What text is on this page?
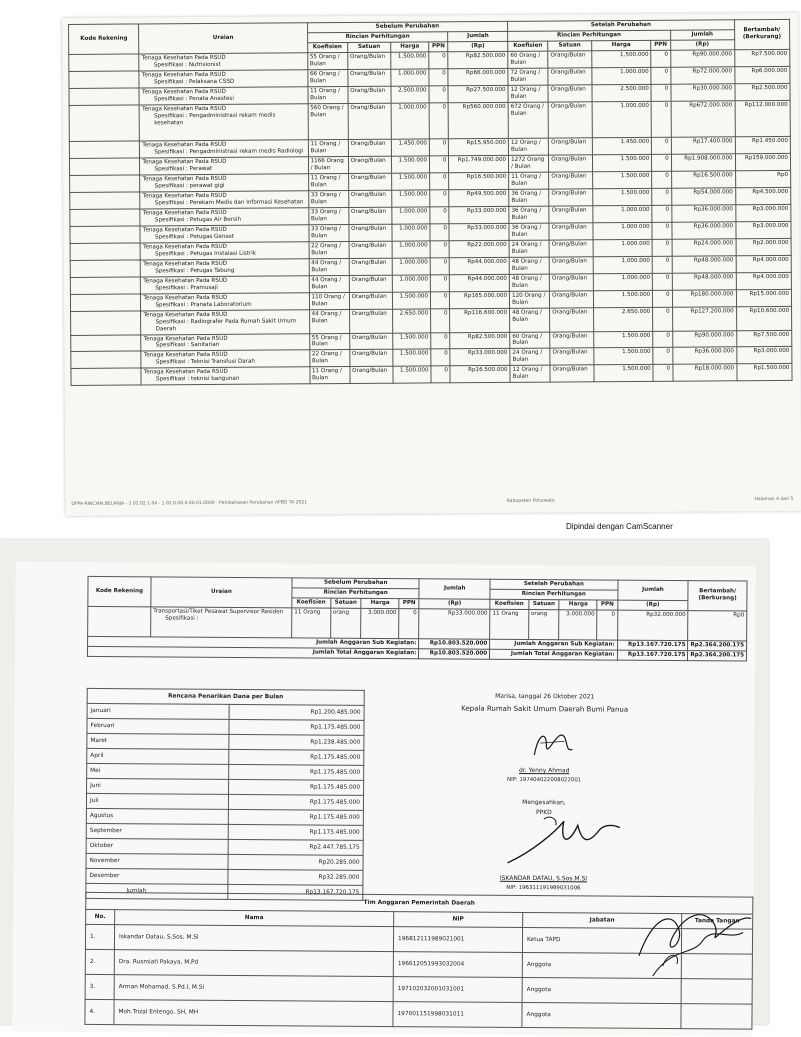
Kode Rekening	Uraian	Sebelum Perubahan					Setelah Perubahan					Bertambah/ (Berkurang)
		Rincian Perhitungan				Jumlah	Rincian Perhitungan				Jumlah	
		Koefisien	Satuan	Harga	PPN	(Rp)	Koefisien	Satuan	Harga	PPN	(Rp)	
	Tenaga Kesehatan Pada RSUD
Spesifikasi : Nutrisionist	55 Orang / Bulan	Orang/Bulan	1.500.000	0	Rp82.500.000	60 Orang / Bulan	Orang/Bulan	1.500.000	0	Rp90.000.000	Rp7.500.000
	Tenaga Kesehatan Pada RSUD
Spesifikasi : Pelaksana CSSD	66 Orang / Bulan	Orang/Bulan	1.000.000	0	Rp66.000.000	72 Orang / Bulan	Orang/Bulan	1.000.000	0	Rp72.000.000	Rp6.000.000
	Tenaga Kesehatan Pada RSUD
Spesifikasi : Penata Anastesi	11 Orang / Bulan	Orang/Bulan	2.500.000	0	Rp27.500.000	12 Orang / Bulan	Orang/Bulan	2.500.000	0	Rp30.000.000	Rp2.500.000
	Tenaga Kesehatan Pada RSUD
Spesifikasi : Pengadministrasi rekam medis kesehatan	560 Orang / Bulan	Orang/Bulan	1.000.000	0	Rp560.000.000	672 Orang / Bulan	Orang/Bulan	1.000.000	0	Rp672.000.000	Rp112.000.000
	Tenaga Kesehatan Pada RSUD
Spesifikasi : Pengadministrasi rekam medis Radiologi	11 Orang / Bulan	Orang/Bulan	1.450.000	0	Rp15.950.000	12 Orang / Bulan	Orang/Bulan	1.450.000	0	Rp17.400.000	Rp1.450.000
	Tenaga Kesehatan Pada RSUD
Spesifikasi : Perawat	1166 Orang / Bulan	Orang/Bulan	1.500.000	0	Rp1.749.000.000	1272 Orang / Bulan	Orang/Bulan	1.500.000	0	Rp1.908.000.000	Rp159.000.000
	Tenaga Kesehatan Pada RSUD
Spesifikasi : perawat gigi	11 Orang / Bulan	Orang/Bulan	1.500.000	0	Rp16.500.000	11 Orang / Bulan	Orang/Bulan	1.500.000	0	Rp16.500.000	Rp0
	Tenaga Kesehatan Pada RSUD
Spesifikasi : Perekam Medis dan Informasi Kesehatan	33 Orang / Bulan	Orang/Bulan	1.500.000	0	Rp49.500.000	36 Orang / Bulan	Orang/Bulan	1.500.000	0	Rp54.000.000	Rp4.500.000
	Tenaga Kesehatan Pada RSUD
Spesifikasi : Petugas Air Bersih	33 Orang / Bulan	Orang/Bulan	1.000.000	0	Rp33.000.000	36 Orang / Bulan	Orang/Bulan	1.000.000	0	Rp36.000.000	Rp3.000.000
	Tenaga Kesehatan Pada RSUD
Spesifikasi : Petugas Genset	33 Orang / Bulan	Orang/Bulan	1.000.000	0	Rp33.000.000	36 Orang / Bulan	Orang/Bulan	1.000.000	0	Rp36.000.000	Rp3.000.000
	Tenaga Kesehatan Pada RSUD
Spesifikasi : Petugas Instalasi Listrik	22 Orang / Bulan	Orang/Bulan	1.000.000	0	Rp22.000.000	24 Orang / Bulan	Orang/Bulan	1.000.000	0	Rp24.000.000	Rp2.000.000
	Tenaga Kesehatan Pada RSUD
Spesifikasi : Petugas Tabung	44 Orang / Bulan	Orang/Bulan	1.000.000	0	Rp44.000.000	48 Orang / Bulan	Orang/Bulan	1.000.000	0	Rp48.000.000	Rp4.000.000
	Tenaga Kesehatan Pada RSUD
Spesifikasi : Pramusaji	44 Orang / Bulan	Orang/Bulan	1.000.000	0	Rp44.000.000	48 Orang / Bulan	Orang/Bulan	1.000.000	0	Rp48.000.000	Rp4.000.000
	Tenaga Kesehatan Pada RSUD
Spesifikasi : Pranata Laboratorium	110 Orang / Bulan	Orang/Bulan	1.500.000	0	Rp165.000.000	120 Orang / Bulan	Orang/Bulan	1.500.000	0	Rp180.000.000	Rp15.000.000
	Tenaga Kesehatan Pada RSUD
Spesifikasi : Radiografer Pada Rumah Sakit Umum Daerah	44 Orang / Bulan	Orang/Bulan	2.650.000	0	Rp116.600.000	48 Orang / Bulan	Orang/Bulan	2.650.000	0	Rp127.200.000	Rp10.600.000
	Tenaga Kesehatan Pada RSUD
Spesifikasi : Sanitarian	55 Orang / Bulan	Orang/Bulan	1.500.000	0	Rp82.500.000	60 Orang / Bulan	Orang/Bulan	1.500.000	0	Rp90.000.000	Rp7.500.000
	Tenaga Kesehatan Pada RSUD
Spesifikasi : Teknisi Transfusi Darah	22 Orang / Bulan	Orang/Bulan	1.500.000	0	Rp33.000.000	24 Orang / Bulan	Orang/Bulan	1.500.000	0	Rp36.000.000	Rp3.000.000
	Tenaga Kesehatan Pada RSUD
Spesifikasi : teknisi bangunan	11 Orang / Bulan	Orang/Bulan	1.500.000	0	Rp16.500.000	12 Orang / Bulan	Orang/Bulan	1.500.000	0	Rp18.000.000	Rp1.500.000
DPPA-RINCIAN BELANJA - 1.02.02.1.04 - 1.02.0.00.0.00.01.0000 - Pembahasan Perubahan APBD TA 2021	Kabupaten Pohuwato	Halaman 4 dari 5
Dipindai dengan CamScanner
Kode Rekening	Uraian	Sebelum Perubahan				Jumlah	Setelah Perubahan				Jumlah	Bertambah/ (Berkurang)
		Rincian Perhitungan					Rincian Perhitungan					
		Koefisien	Satuan	Harga	PPN	(Rp)	Koefisien	Satuan	Harga	PPN	(Rp)	
	Transportasi/Tiket Pesawat Supervisor Residen
Spesifikasi :	11 Orang	orang	3.000.000	0	Rp33.000.000	11 Orang	orang	3.000.000	0	Rp32.000.000	Rp0
Jumlah Anggaran Sub Kegiatan:						Rp10.803.520.000	Jumlah Anggaran Sub Kegiatan:				Rp13.167.720.175	Rp2.364.200.175
Jumlah Total Anggaran Kegiatan:						Rp10.803.520.000	Jumlah Total Anggaran Kegiatan:				Rp13.167.720.175	Rp2.364.200.175
Rencana Penarikan Dana per Bulan	
Januari	Rp1.200.485.000
Februari	Rp1.175.485.000
Maret	Rp1.238.485.000
April	Rp1.175.485.000
Mei	Rp1.175.485.000
Juni	Rp1.175.485.000
Juli	Rp1.175.485.000
Agustus	Rp1.175.485.000
September	Rp1.175.485.000
Oktober	Rp2.447.785.175
November	Rp20.285.000
Desember	Rp32.285.000
Jumlah	Rp13.167.720.175
Marisa, tanggal 26 Oktober 2021
Kepala Rumah Sakit Umum Daerah Bumi Panua
dr. Yenny Ahmad
NIP: 197404022008022001
Mengesahkan,
PPKD
ISKANDAR DATAU, S.Sos.M.SI
NIP: 196311191989031006
Tim Anggaran Pemerintah Daerah				
No.	Nama	NIP	Jabatan	Tanda Tangan
1.	Iskandar Datau, S.Sos, M.SI	196812111989021001	Ketua TAPD	
2.	Dra. Rusmiati Pakaya, M.Pd	196612051993032004	Anggota	
3.	Arman Mohamad, S.Pd.I, M.SI	197102032001031001	Anggota	
4.	Moh.Trizal Entengo, SH, MH	197001151998031011	Anggota	
